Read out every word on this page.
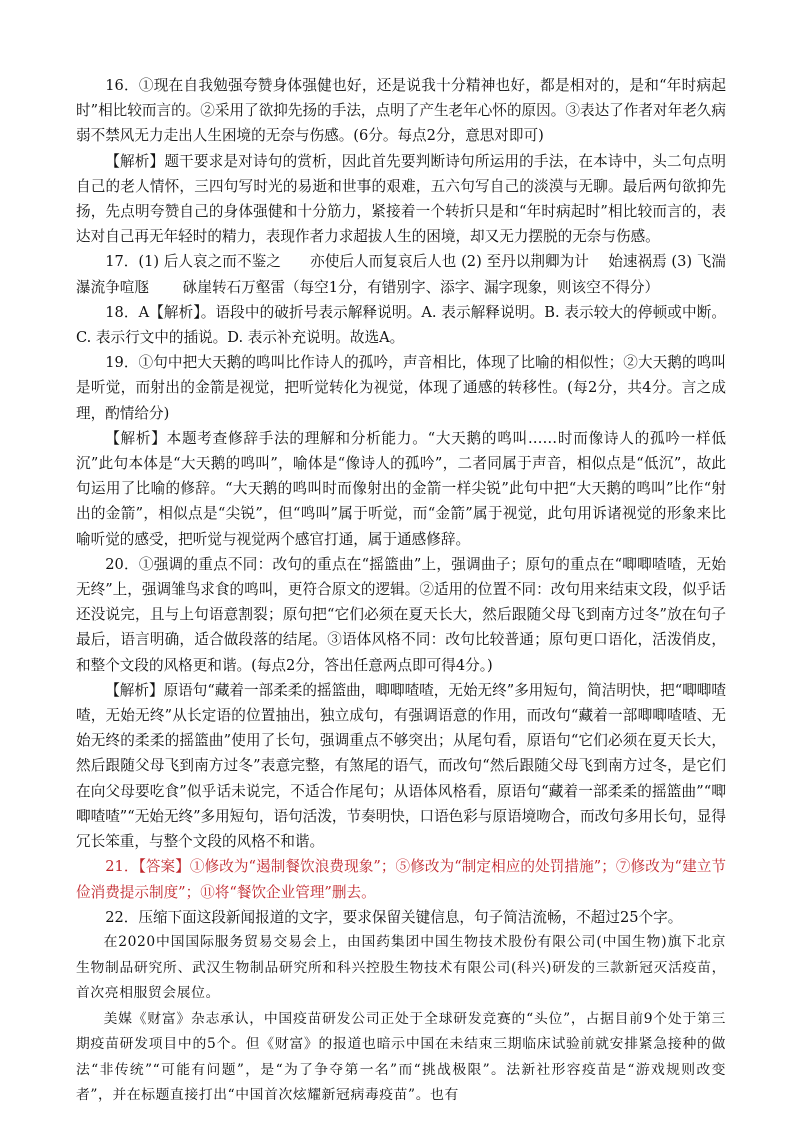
16．①现在自我勉强夸赞身体强健也好，还是说我十分精神也好，都是相对的，是和“年时病起时”相比较而言的。②采用了欲抑先扬的手法，点明了产生老年心怀的原因。③表达了作者对年老久病弱不禁风无力走出人生困境的无奈与伤感。(6分。每点2分，意思对即可)

【解析】题干要求是对诗句的赏析，因此首先要判断诗句所运用的手法，在本诗中，头二句点明自己的老人情怀，三四句写时光的易逝和世事的艰难，五六句写自己的淡漠与无聊。最后两句欲抑先扬，先点明夸赞自己的身体强健和十分筋力，紧接着一个转折只是和“年时病起时”相比较而言的，表达对自己再无年轻时的精力，表现作者力求超拔人生的困境，却又无力摆脱的无奈与伤感。

17．(1) 后人哀之而不鉴之　　亦使后人而复哀后人也 (2) 至丹以荆卿为计　 始速祸焉 (3) 飞湍瀑流争喧豗　　 砯崖转石万壑雷（每空1分，有错别字、添字、漏字现象，则该空不得分）

18．A【解析】。语段中的破折号表示解释说明。A. 表示解释说明。B. 表示较大的停顿或中断。C. 表示行文中的插说。D. 表示补充说明。故选A。

19．①句中把大天鹅的鸣叫比作诗人的孤吟，声音相比，体现了比喻的相似性；②大天鹅的鸣叫是听觉，而射出的金箭是视觉，把听觉转化为视觉，体现了通感的转移性。(每2分，共4分。言之成理，酌情给分)

【解析】本题考查修辞手法的理解和分析能力。“大天鹅的鸣叫……时而像诗人的孤吟一样低沉”此句本体是“大天鹅的鸣叫”，喻体是“像诗人的孤吟”，二者同属于声音，相似点是“低沉”，故此句运用了比喻的修辞。“大天鹅的鸣叫时而像射出的金箭一样尖锐”此句中把“大天鹅的鸣叫”比作“射出的金箭”，相似点是“尖锐”，但“鸣叫”属于听觉，而“金箭”属于视觉，此句用诉诸视觉的形象来比喻听觉的感受，把听觉与视觉两个感官打通，属于通感修辞。

20．①强调的重点不同：改句的重点在“摇篮曲”上，强调曲子；原句的重点在“唧唧喳喳，无始无终”上，强调雏鸟求食的鸣叫，更符合原文的逻辑。②适用的位置不同：改句用来结束文段，似乎话还没说完，且与上句语意割裂；原句把“它们必须在夏天长大，然后跟随父母飞到南方过冬”放在句子最后，语言明确，适合做段落的结尾。③语体风格不同：改句比较普通；原句更口语化，活泼俏皮，和整个文段的风格更和谐。(每点2分，答出任意两点即可得4分。)

【解析】原语句“藏着一部柔柔的摇篮曲，唧唧喳喳，无始无终”多用短句，简洁明快，把“唧唧喳喳，无始无终”从长定语的位置抽出，独立成句，有强调语意的作用，而改句“藏着一部唧唧喳喳、无始无终的柔柔的摇篮曲”使用了长句，强调重点不够突出；从尾句看，原语句“它们必须在夏天长大，然后跟随父母飞到南方过冬”表意完整，有煞尾的语气，而改句“然后跟随父母飞到南方过冬，是它们在向父母要吃食”似乎话未说完，不适合作尾句；从语体风格看，原语句“藏着一部柔柔的摇篮曲”“唧唧喳喳”“无始无终”多用短句，语句活泼，节奏明快，口语色彩与原语境吻合，而改句多用长句，显得冗长笨重，与整个文段的风格不和谐。

21．【答案】①修改为“遏制餐饮浪费现象”；⑤修改为“制定相应的处罚措施”；⑦修改为“建立节俭消费提示制度”；⑪将“餐饮企业管理”删去。

22．压缩下面这段新闻报道的文字，要求保留关键信息，句子简洁流畅，不超过25个字。

在2020中国国际服务贸易交易会上，由国药集团中国生物技术股份有限公司(中国生物)旗下北京生物制品研究所、武汉生物制品研究所和科兴控股生物技术有限公司(科兴)研发的三款新冠灭活疫苗，首次亮相服贸会展位。

美媒《财富》杂志承认，中国疫苗研发公司正处于全球研发竞赛的“头位”，占据目前9个处于第三期疫苗研发项目中的5个。但《财富》的报道也暗示中国在未结束三期临床试验前就安排紧急接种的做法“非传统”“可能有问题”，是“为了争夺第一名”而“挑战极限”。法新社形容疫苗是“游戏规则改变者”，并在标题直接打出“中国首次炫耀新冠病毒疫苗”。也有
